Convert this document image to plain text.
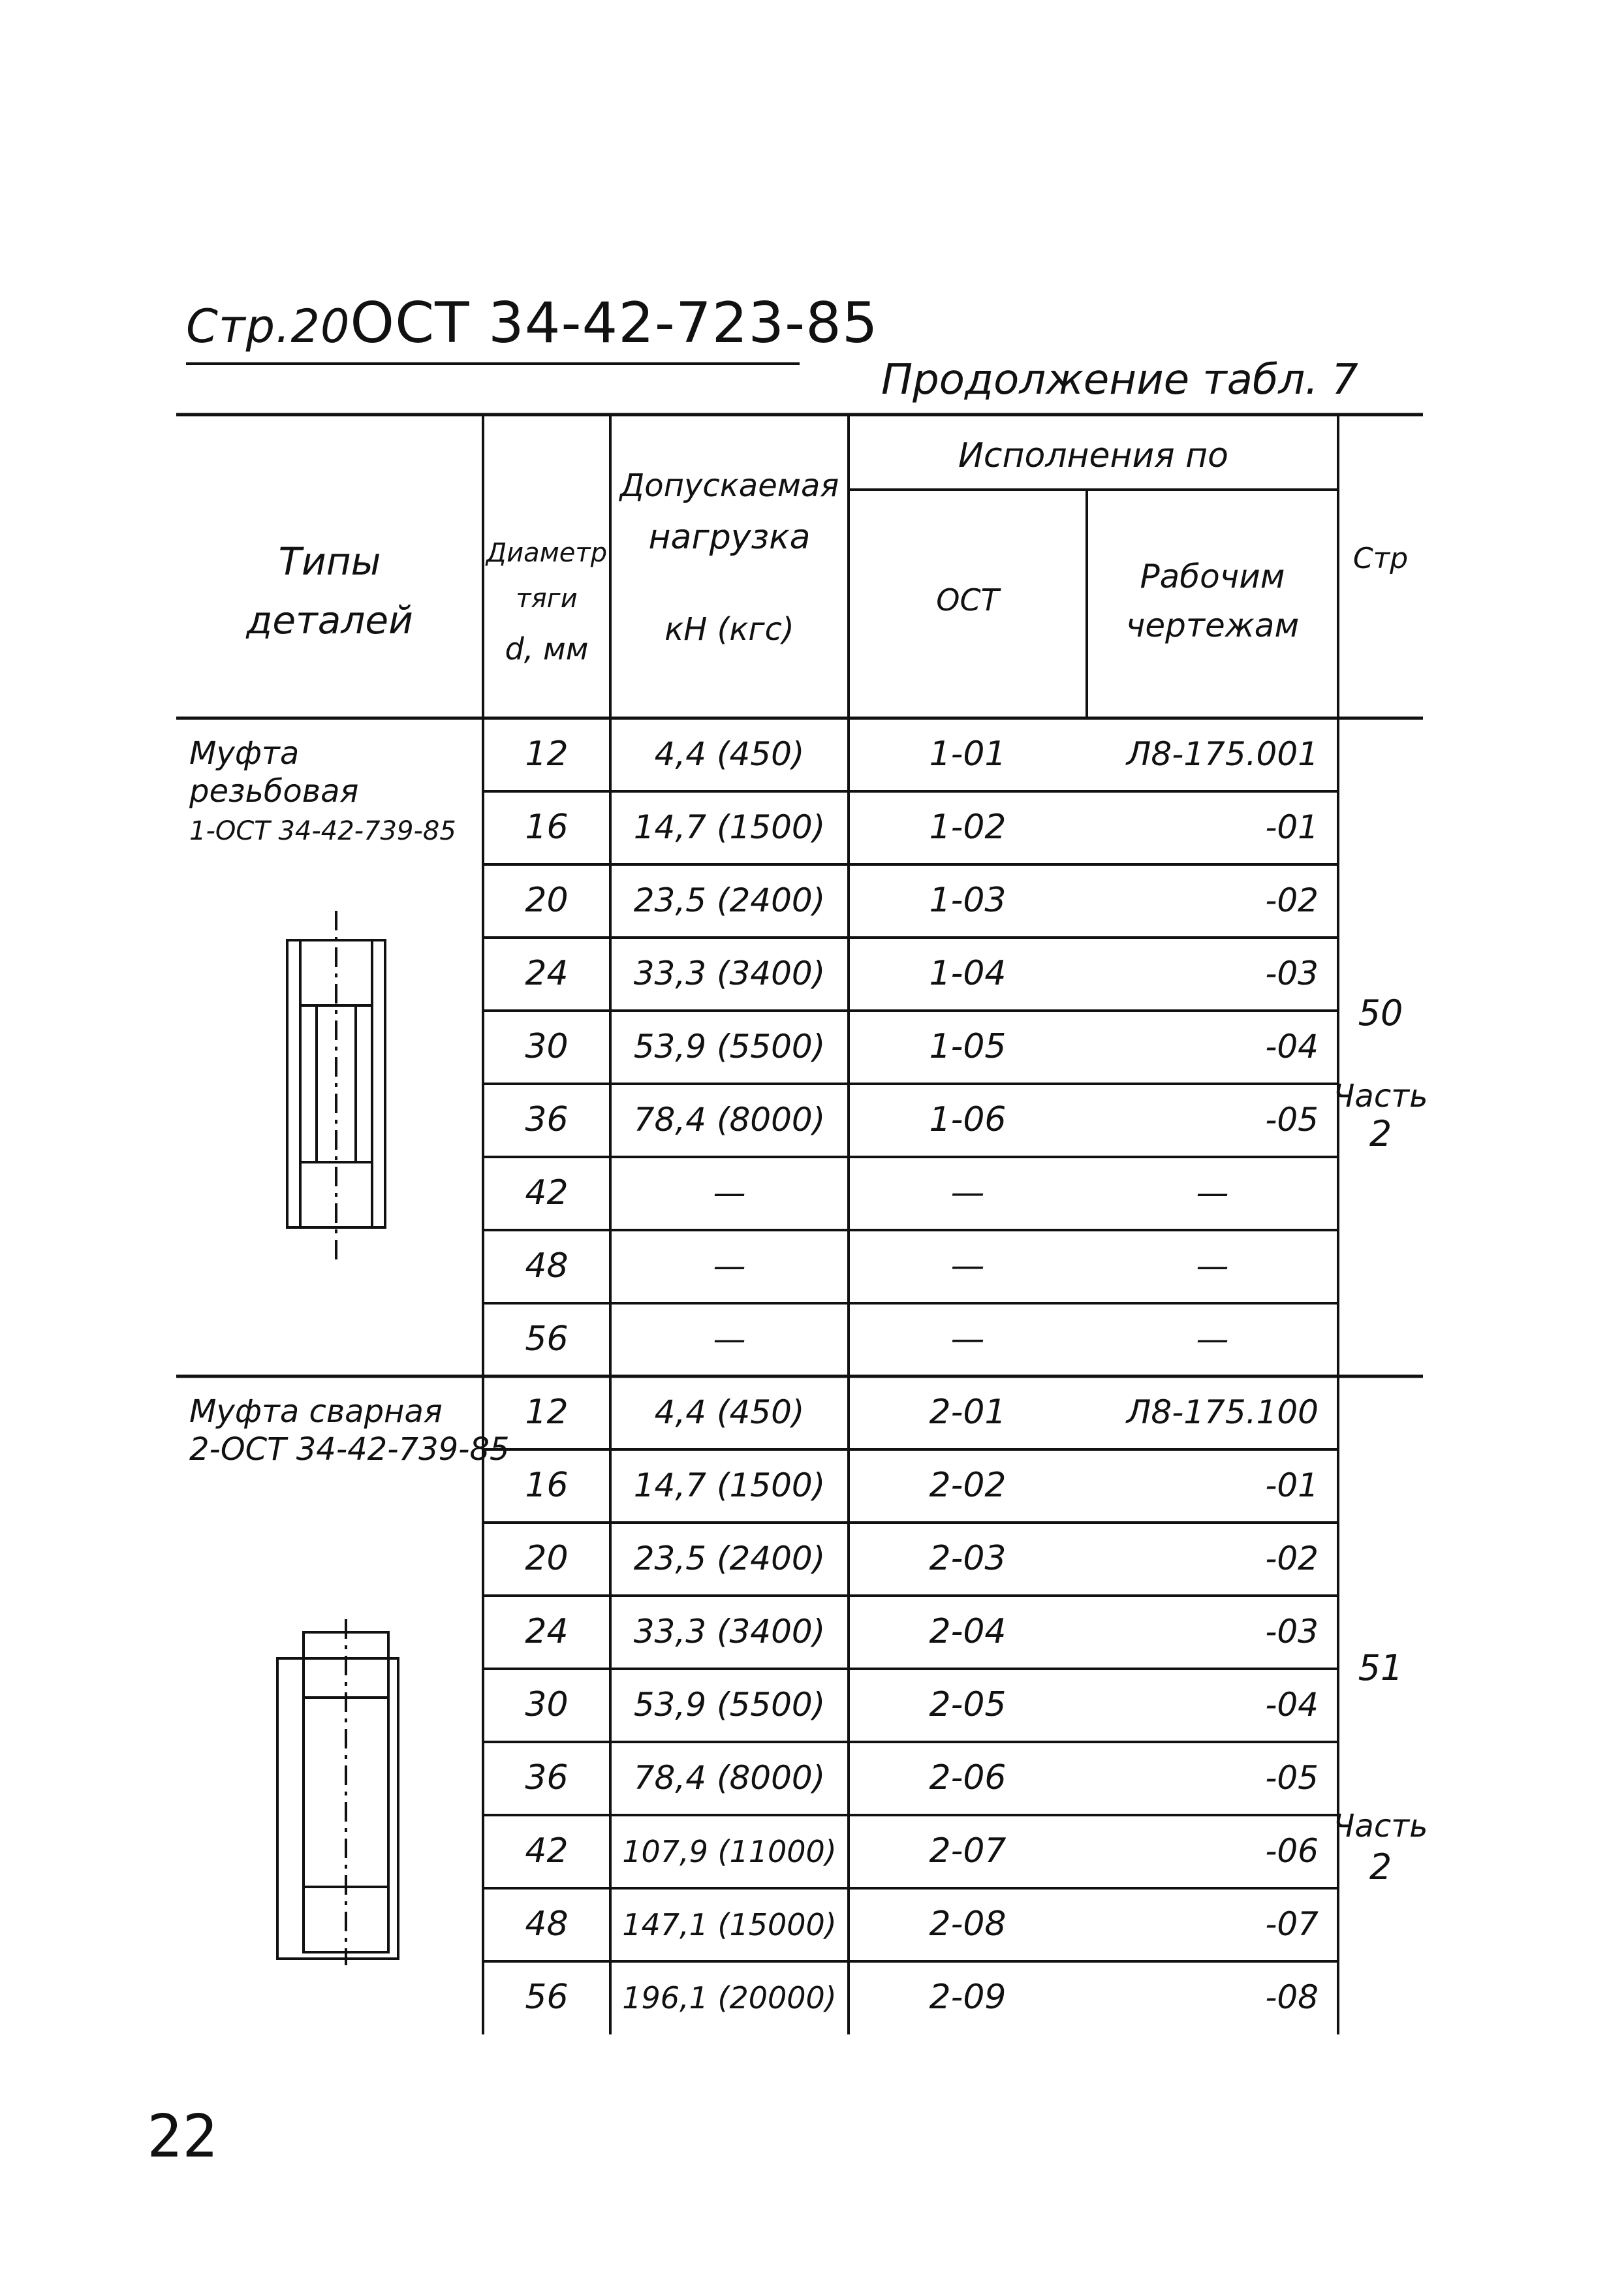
Стр.20ОСТ 34-42-723-85
Продолжение табл. 7
Типы
деталей
Диаметр
тяги
d, мм
Допускаемая
нагрузка
кН (кгс)
Исполнения по
ОСТ
Рабочим
чертежам
Стр
Муфта
резьбовая
1-ОСТ 34-42-739-85
12	4,4 (450)	1-01	Л8-175.001
16 14,7 (1500)	1-02	-01
20 23,5 (2400)	1-03	-02
24 33,3 (3400)	1-04	-03
30 53,9 (5500)	1-05	-04
36 78,4 (8000)	1-06	-05
42	—	—	—
48	—	—	—
56	—	—	—
50
Часть
2
Муфта сварная
2-ОСТ 34-42-739-85
12	4,4 (450)	2-01	Л8-175.100
16 14,7 (1500)	2-02	-01
20 23,5 (2400)	2-03	-02
24 33,3 (3400)	2-04	-03
30 53,9 (5500)	2-05	-04
36 78,4 (8000)	2-06	-05
42 107,9 (11000)	2-07	-06
48 147,1 (15000)	2-08	-07
56 196,1 (20000)	2-09	-08
51
Часть
2
22
